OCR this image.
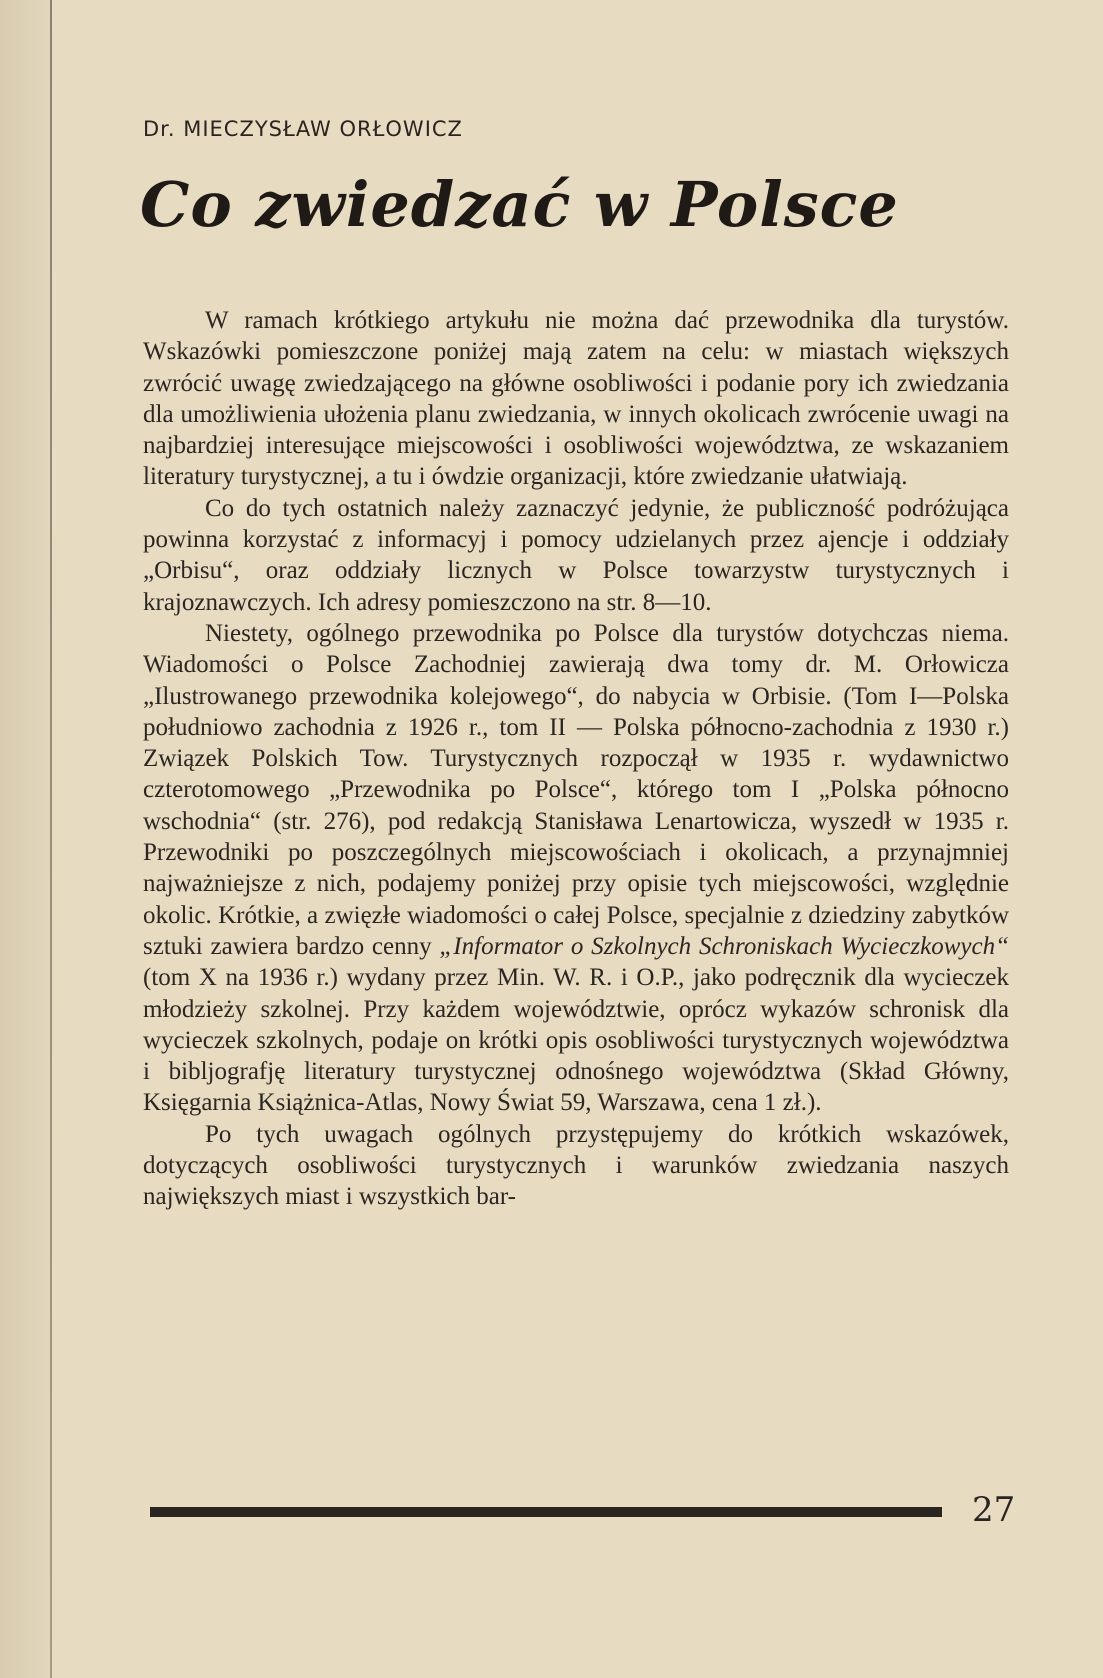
Dr. MIECZYSŁAW ORŁOWICZ

Co zwiedzać w Polsce

W ramach krótkiego artykułu nie można dać przewodnika dla turystów. Wskazówki pomieszczone poniżej mają zatem na celu: w miastach większych zwrócić uwagę zwiedzającego na główne osobliwości i podanie pory ich zwiedzania dla umożliwienia ułożenia planu zwiedzania, w innych okolicach zwrócenie uwagi na najbardziej interesujące miejscowości i osobliwości województwa, ze wskazaniem literatury turystycznej, a tu i ówdzie organizacji, które zwiedzanie ułatwiają.

Co do tych ostatnich należy zaznaczyć jedynie, że publiczność podróżująca powinna korzystać z informacyj i pomocy udzielanych przez ajencje i oddziały „Orbisu“, oraz oddziały licznych w Polsce towarzystw turystycznych i krajoznawczych. Ich adresy pomieszczono na str. 8—10.

Niestety, ogólnego przewodnika po Polsce dla turystów dotychczas niema. Wiadomości o Polsce Zachodniej zawierają dwa tomy dr. M. Orłowicza „Ilustrowanego przewodnika kolejowego“, do nabycia w Orbisie. (Tom I—Polska południowo zachodnia z 1926 r., tom II — Polska północno-zachodnia z 1930 r.) Związek Polskich Tow. Turystycznych rozpoczął w 1935 r. wydawnictwo czterotomowego „Przewodnika po Polsce“, którego tom I „Polska północno wschodnia“ (str. 276), pod redakcją Stanisława Lenartowicza, wyszedł w 1935 r. Przewodniki po poszczególnych miejscowościach i okolicach, a przynajmniej najważniejsze z nich, podajemy poniżej przy opisie tych miejscowości, względnie okolic. Krótkie, a zwięzłe wiadomości o całej Polsce, specjalnie z dziedziny zabytków sztuki zawiera bardzo cenny „Informator o Szkolnych Schroniskach Wycieczkowych“ (tom X na 1936 r.) wydany przez Min. W. R. i O.P., jako podręcznik dla wycieczek młodzieży szkolnej. Przy każdem województwie, oprócz wykazów schronisk dla wycieczek szkolnych, podaje on krótki opis osobliwości turystycznych województwa i bibljografję literatury turystycznej odnośnego województwa (Skład Główny, Księgarnia Książnica-Atlas, Nowy Świat 59, Warszawa, cena 1 zł.).

Po tych uwagach ogólnych przystępujemy do krótkich wskazówek, dotyczących osobliwości turystycznych i warunków zwiedzania naszych największych miast i wszystkich bar-

27
